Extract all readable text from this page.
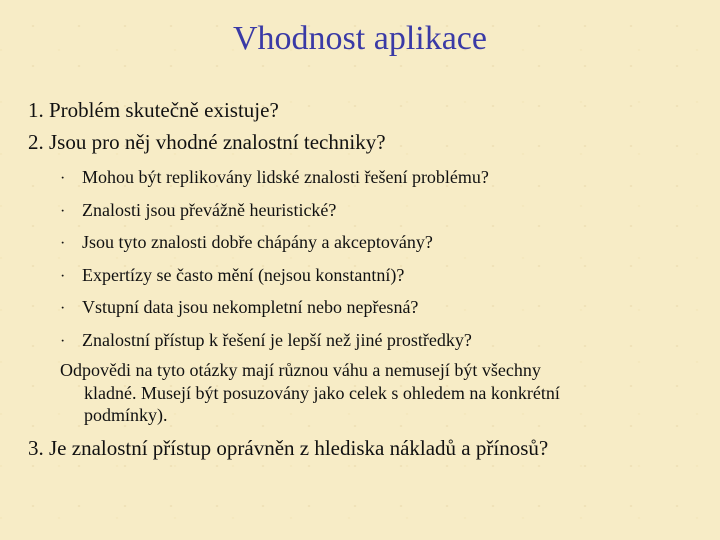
Vhodnost aplikace
1. Problém skutečně existuje?
2. Jsou pro něj vhodné znalostní techniky?
· Mohou být replikovány lidské znalosti řešení problému?
· Znalosti jsou převážně heuristické?
· Jsou tyto znalosti dobře chápány a akceptovány?
· Expertízy se často mění (nejsou konstantní)?
· Vstupní data jsou nekompletní nebo nepřesná?
· Znalostní přístup k řešení je lepší než jiné prostředky?
Odpovědi na tyto otázky mají různou váhu a nemusejí být všechny
kladné. Musejí být posuzovány jako celek s ohledem na konkrétní
podmínky).
3. Je znalostní přístup oprávněn z hlediska nákladů a přínosů?
